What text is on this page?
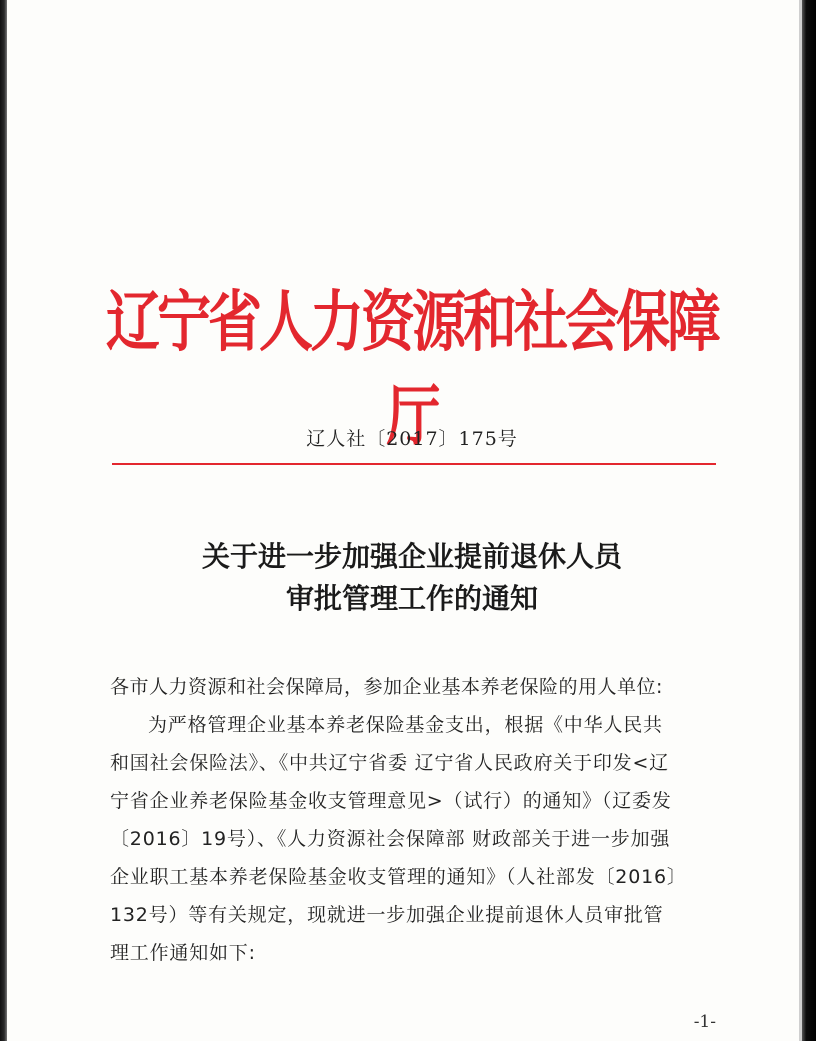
辽宁省人力资源和社会保障厅
辽人社〔2017〕175号
关于进一步加强企业提前退休人员
审批管理工作的通知
各市人力资源和社会保障局，参加企业基本养老保险的用人单位:
为严格管理企业基本养老保险基金支出，根据《中华人民共
和国社会保险法》、《中共辽宁省委 辽宁省人民政府关于印发<辽
宁省企业养老保险基金收支管理意见>（试行）的通知》（辽委发
〔2016〕19号）、《人力资源社会保障部 财政部关于进一步加强
企业职工基本养老保险基金收支管理的通知》（人社部发〔2016〕
132号）等有关规定，现就进一步加强企业提前退休人员审批管
理工作通知如下:
-1-
